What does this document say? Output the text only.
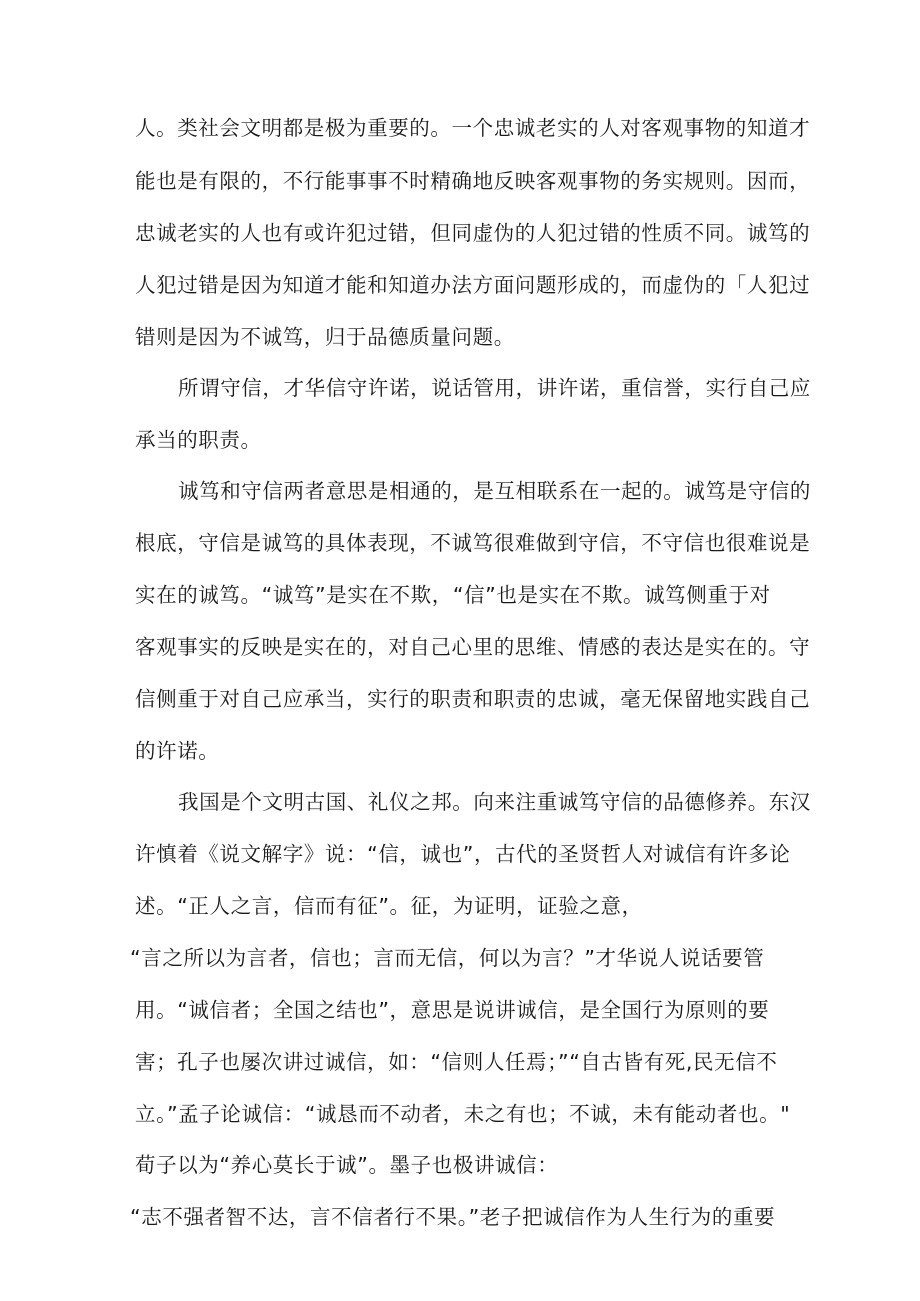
人。类社会文明都是极为重要的。一个忠诚老实的人对客观事物的知道才

能也是有限的，不行能事事不时精确地反映客观事物的务实规则。因而，

忠诚老实的人也有或许犯过错，但同虚伪的人犯过错的性质不同。诚笃的

人犯过错是因为知道才能和知道办法方面问题形成的，而虚伪的「人犯过

错则是因为不诚笃，归于品德质量问题。

所谓守信，才华信守许诺，说话管用，讲许诺，重信誉，实行自己应

承当的职责。

诚笃和守信两者意思是相通的，是互相联系在一起的。诚笃是守信的

根底，守信是诚笃的具体表现，不诚笃很难做到守信，不守信也很难说是

实在的诚笃。“诚笃”是实在不欺，“信”也是实在不欺。诚笃侧重于对

客观事实的反映是实在的，对自己心里的思维、情感的表达是实在的。守

信侧重于对自己应承当，实行的职责和职责的忠诚，毫无保留地实践自己

的许诺。

我国是个文明古国、礼仪之邦。向来注重诚笃守信的品德修养。东汉

许慎着《说文解字》说：“信，诚也”，古代的圣贤哲人对诚信有许多论

述。“正人之言，信而有征”。征，为证明，证验之意，

“言之所以为言者，信也；言而无信，何以为言？”才华说人说话要管

用。“诚信者；全国之结也”，意思是说讲诚信，是全国行为原则的要

害；孔子也屡次讲过诚信，如：“信则人任焉；”“自古皆有死,民无信不

立。”孟子论诚信：“诚恳而不动者，未之有也；不诚，未有能动者也。"

荀子以为“养心莫长于诚”。墨子也极讲诚信：

“志不强者智不达，言不信者行不果。”老子把诚信作为人生行为的重要
